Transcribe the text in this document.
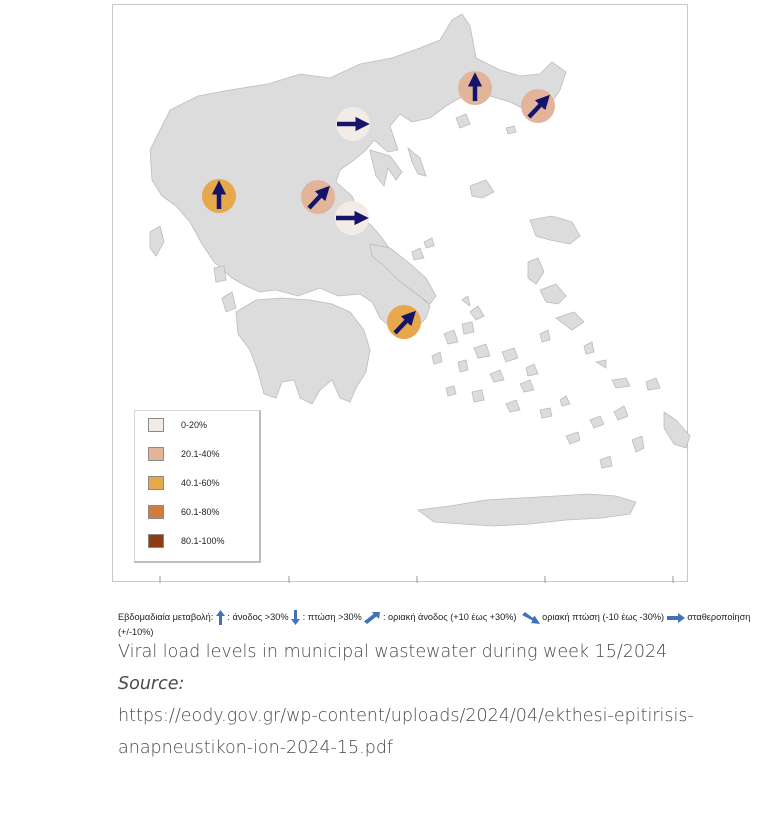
0-20%
20.1-40%
40.1-60%
60.1-80%
80.1-100%
Εβδομαδιαία μεταβολή: : άνοδος >30% : πτώση >30% : οριακή άνοδος (+10 έως +30%)	οριακή πτώση (-10 έως -30%)	σταθεροποίηση (+/-10%)

Viral load levels in municipal wastewater during week 15/2024

Source:

https://eody.gov.gr/wp-content/uploads/2024/04/ekthesi-epitirisis-

anapneustikon-ion-2024-15.pdf
